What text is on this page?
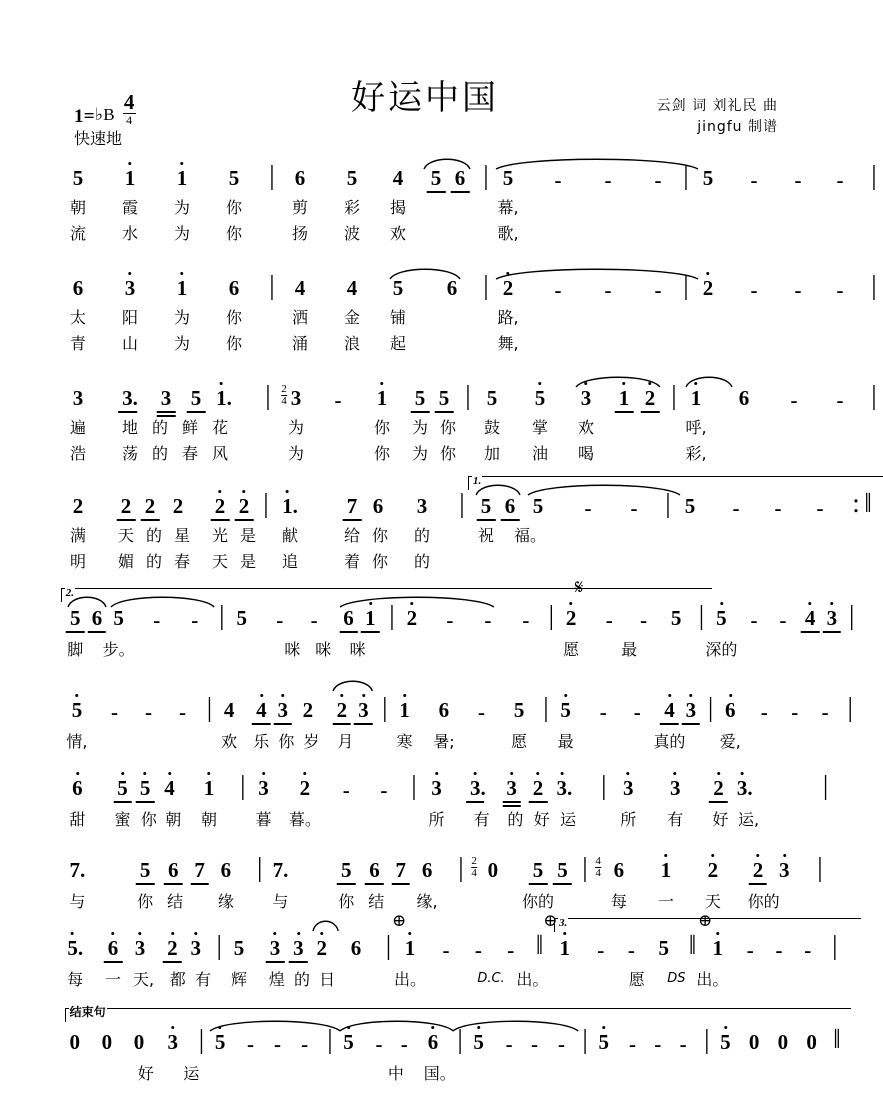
1=♭B $\frac{4}{4}$
快速地
好运中国	云剑 词 刘礼民 曲
jingfu 制谱
5 1 1 5 | 6 5 4 5 6 | 5 - - - | 5 - - - |
朝 霞 为 你	剪 彩 揭	幕,
流 水 为 你	扬 波 欢	歌,
6 3 1 6 | 4 4 5 6 | 2 - - - | 2 - - - |
太 阳 为 你	洒 金 铺	路,
青 山 为 你	涌 浪 起	舞,
3 3
. 3 5 1
. | 2
4 3 - 1 5 5 | 5 5 3 1 2 | 1 6 - - |
遍 地 的 鲜 花	为	你 为 你 鼓 掌 欢	呼,
浩 荡 的 春 风	为	你 为 你 加 油 喝	彩,
1.
2 2 2 2 2 2 | 1
. 7 6 3 | 5 6 5 - - | 5 - - - : ‖
满 天 的 星 光 是 献	给 你 的	祝 福。
明 媚 的 春 天 是 追	着 你 的
2.	𝄋
5 6 5 - - | 5 - - 6 1 | 2 - - - | 2 - - 5 | 5 - - 4 3 |
脚 步。	咪 咪 咪	愿	最	深的
5 - - - | 4 4 3 2 2 3 | 1 6 - 5 | 5 - - 4 3 | 6 - - - |
情,	欢 乐 你 岁 月	寒 暑;	愿 最	真的 爱,
6 5 5 4 1 | 3 2 - - | 3 3
. 3 2 3
. | 3 3 2 3
.	|
甜 蜜 你 朝 朝 暮 暮。	所 有 的 好 运	所 有 好 运,
7.	5 6 7 6 | 7.	5 6 7 6 | 2
4 0 5 5 | 4
4 6 1 2 2 3 |
与	你 结 缘 与	你 结 缘,	你的	每 一 天 你的
3.
⊕	⊕	⊕
5
. 6 3 2 3 | 5 3 3 2 6 | 1 - - - ‖ 1 - - 5 ‖ 1 - - - |
每 一 天, 都 有 辉 煌 的 日	出。	D.C. 出。	愿 DS 出。
结束句
0 0 0 3 | 5 - - - | 5 - - 6 | 5 - - - | 5 - - - | 5 0 0 0 ‖
好 运	中 国。
